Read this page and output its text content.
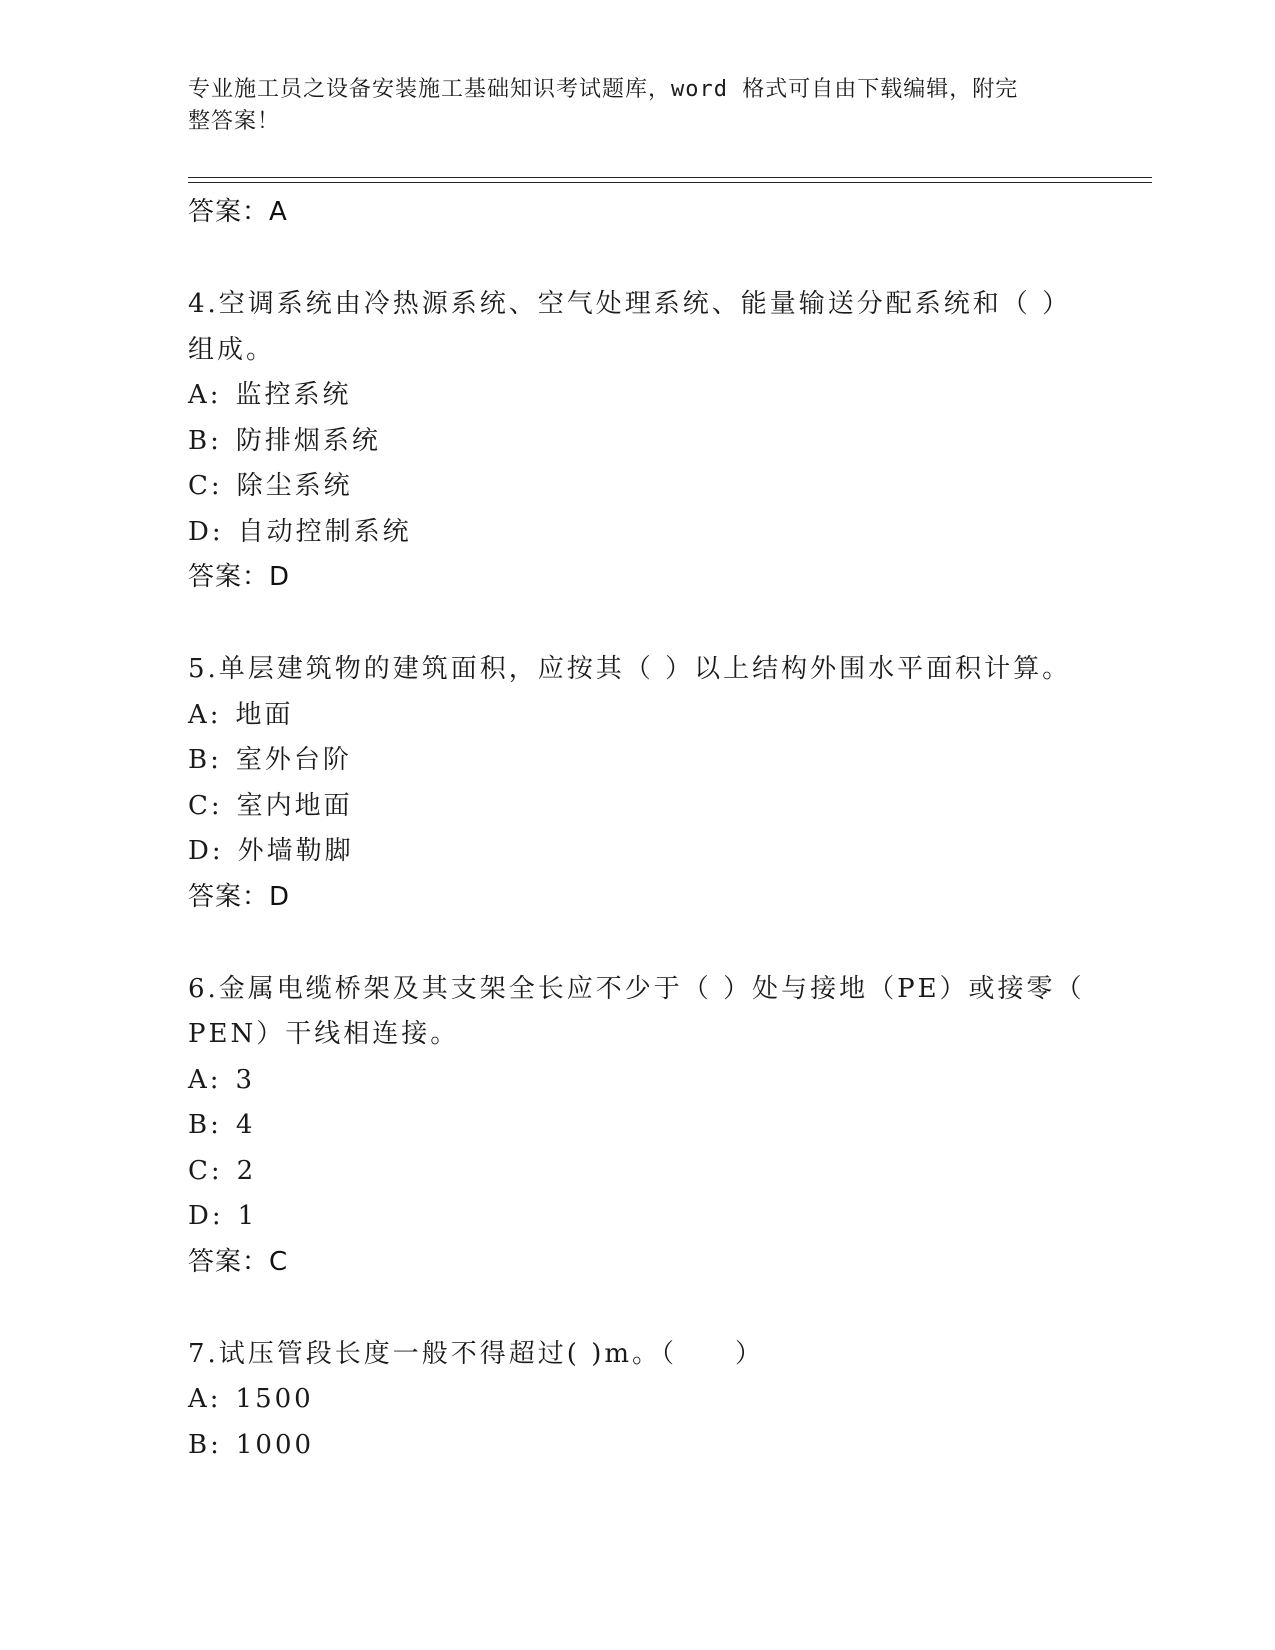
专业施工员之设备安装施工基础知识考试题库，word 格式可自由下载编辑，附完
整答案！
答案：A
4.空调系统由冷热源系统、空气处理系统、能量输送分配系统和（ ）
组成。
A: 监控系统
B: 防排烟系统
C: 除尘系统
D: 自动控制系统
答案：D
5.单层建筑物的建筑面积，应按其（ ）以上结构外围水平面积计算。
A: 地面
B: 室外台阶
C: 室内地面
D: 外墙勒脚
答案：D
6.金属电缆桥架及其支架全长应不少于（ ）处与接地（PE）或接零（
PEN）干线相连接。
A: 3
B: 4
C: 2
D: 1
答案：C
7.试压管段长度一般不得超过( )m。（　　）
A: 1500
B: 1000
